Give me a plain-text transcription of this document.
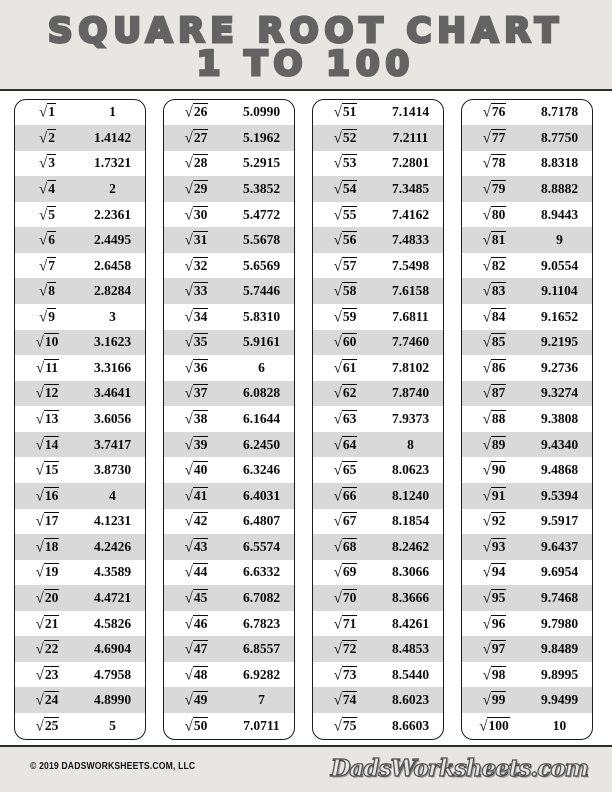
SQUARE ROOT CHART
1 TO 100
√1	1
√2	1.4142
√3	1.7321
√4	2
√5	2.2361
√6	2.4495
√7	2.6458
√8	2.8284
√9	3
√10	3.1623
√11	3.3166
√12	3.4641
√13	3.6056
√14	3.7417
√15	3.8730
√16	4
√17	4.1231
√18	4.2426
√19	4.3589
√20	4.4721
√21	4.5826
√22	4.6904
√23	4.7958
√24	4.8990
√25	5
√26	5.0990
√27	5.1962
√28	5.2915
√29	5.3852
√30	5.4772
√31	5.5678
√32	5.6569
√33	5.7446
√34	5.8310
√35	5.9161
√36	6
√37	6.0828
√38	6.1644
√39	6.2450
√40	6.3246
√41	6.4031
√42	6.4807
√43	6.5574
√44	6.6332
√45	6.7082
√46	6.7823
√47	6.8557
√48	6.9282
√49	7
√50	7.0711
√51	7.1414
√52	7.2111
√53	7.2801
√54	7.3485
√55	7.4162
√56	7.4833
√57	7.5498
√58	7.6158
√59	7.6811
√60	7.7460
√61	7.8102
√62	7.8740
√63	7.9373
√64	8
√65	8.0623
√66	8.1240
√67	8.1854
√68	8.2462
√69	8.3066
√70	8.3666
√71	8.4261
√72	8.4853
√73	8.5440
√74	8.6023
√75	8.6603
√76	8.7178
√77	8.7750
√78	8.8318
√79	8.8882
√80	8.9443
√81	9
√82	9.0554
√83	9.1104
√84	9.1652
√85	9.2195
√86	9.2736
√87	9.3274
√88	9.3808
√89	9.4340
√90	9.4868
√91	9.5394
√92	9.5917
√93	9.6437
√94	9.6954
√95	9.7468
√96	9.7980
√97	9.8489
√98	9.8995
√99	9.9499
√100	10
© 2019 DADSWORKSHEETS.COM, LLC	DadsWorksheets.com
